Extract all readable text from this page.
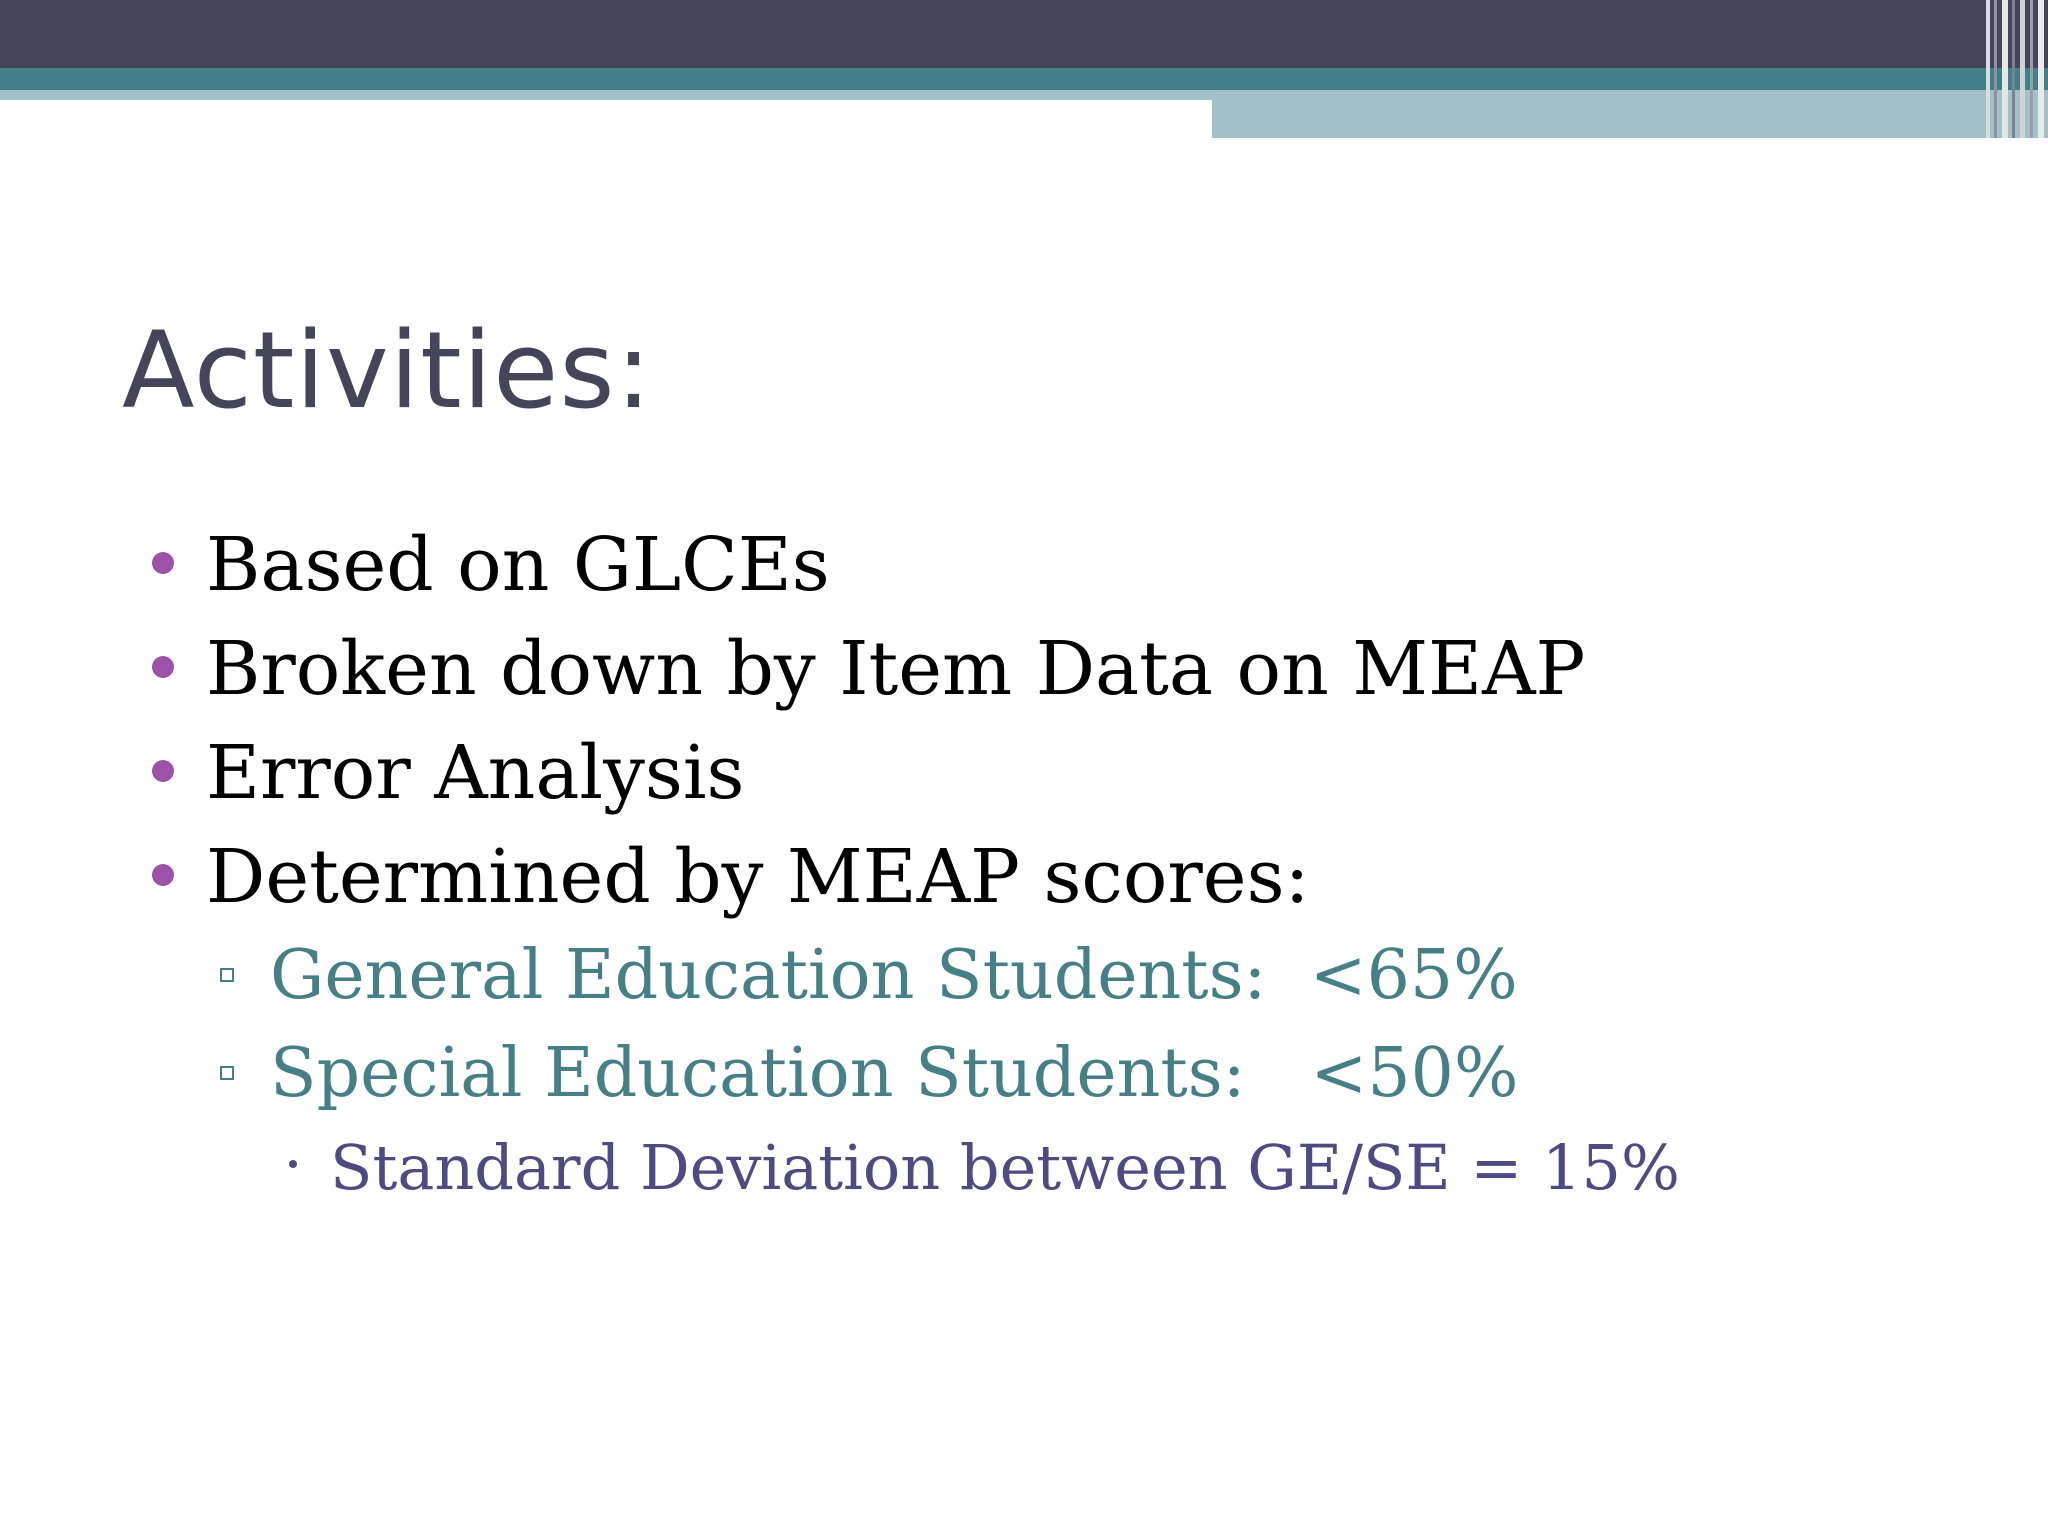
Activities:
Based on GLCEs
Broken down by Item Data on MEAP
Error Analysis
Determined by MEAP scores:
General Education Students:  <65%
Special Education Students:   <50%
Standard Deviation between GE/SE = 15%
